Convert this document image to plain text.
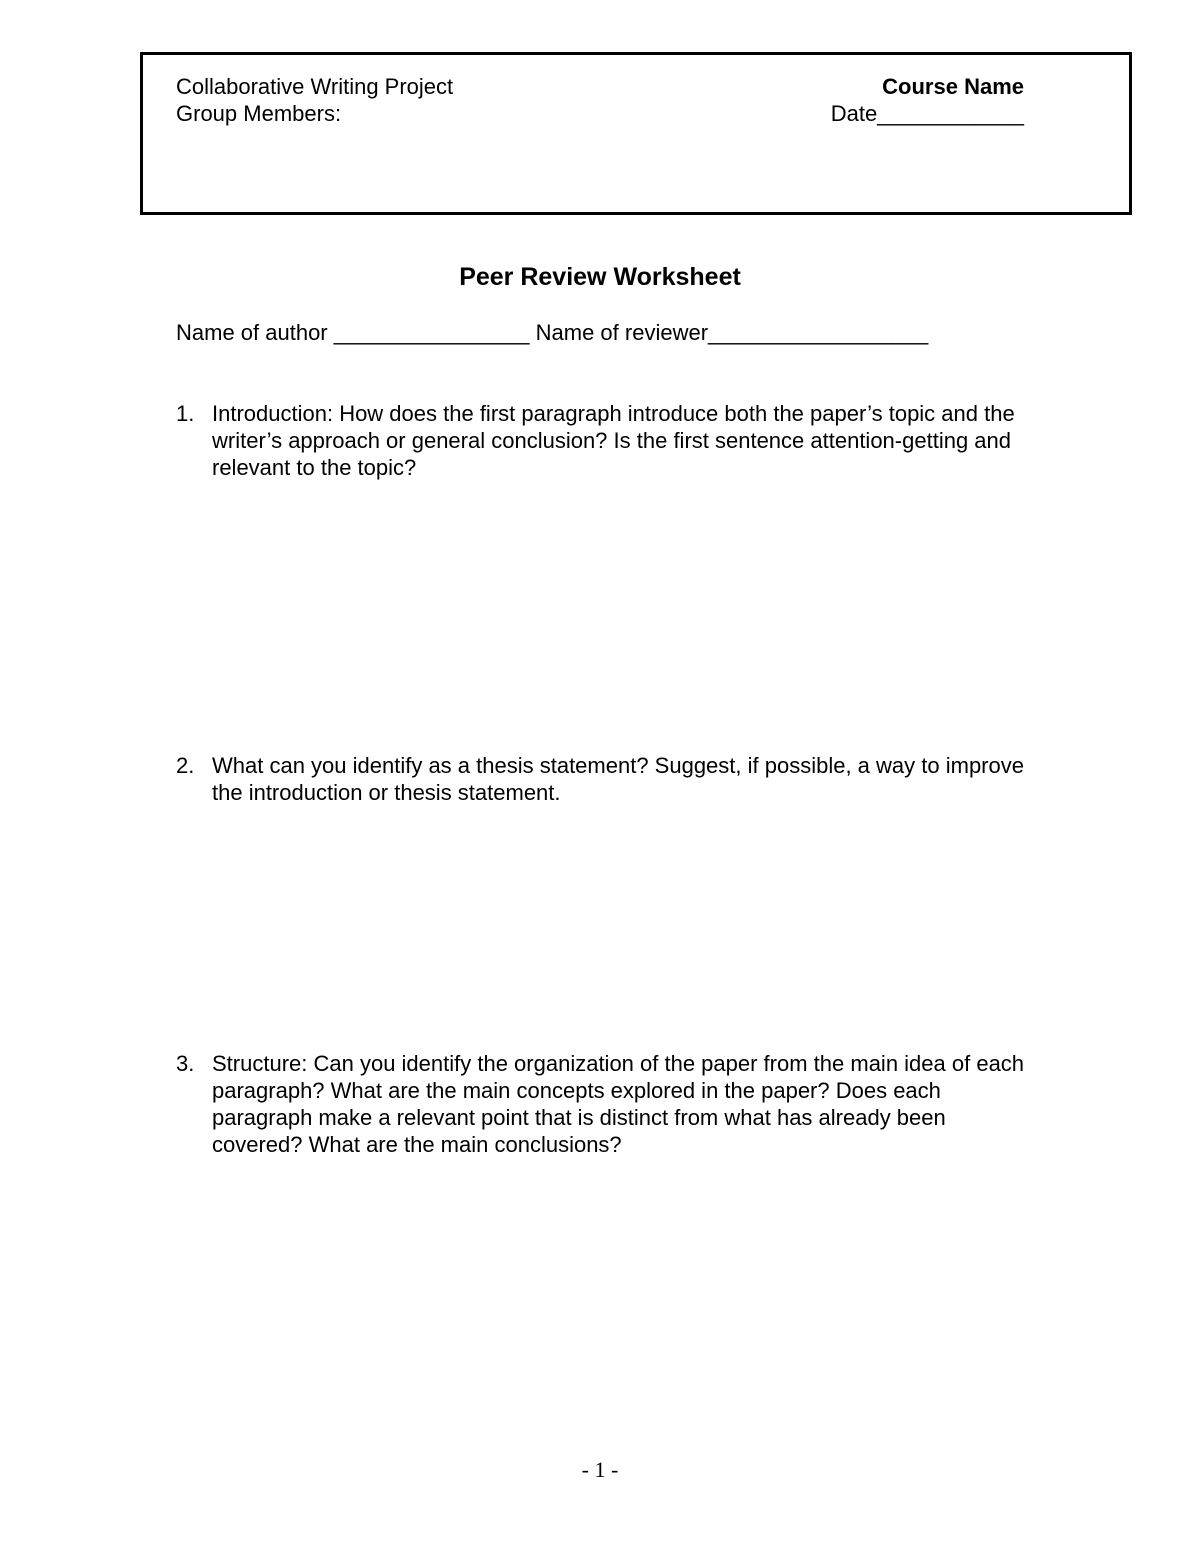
Collaborative Writing Project
Group Members:
Course Name
Date____________
Peer Review Worksheet
Name of author ________________ Name of reviewer__________________
1. Introduction: How does the first paragraph introduce both the paper’s topic and the writer’s approach or general conclusion? Is the first sentence attention-getting and relevant to the topic?
2. What can you identify as a thesis statement? Suggest, if possible, a way to improve the introduction or thesis statement.
3. Structure: Can you identify the organization of the paper from the main idea of each paragraph? What are the main concepts explored in the paper? Does each paragraph make a relevant point that is distinct from what has already been covered? What are the main conclusions?
- 1 -
